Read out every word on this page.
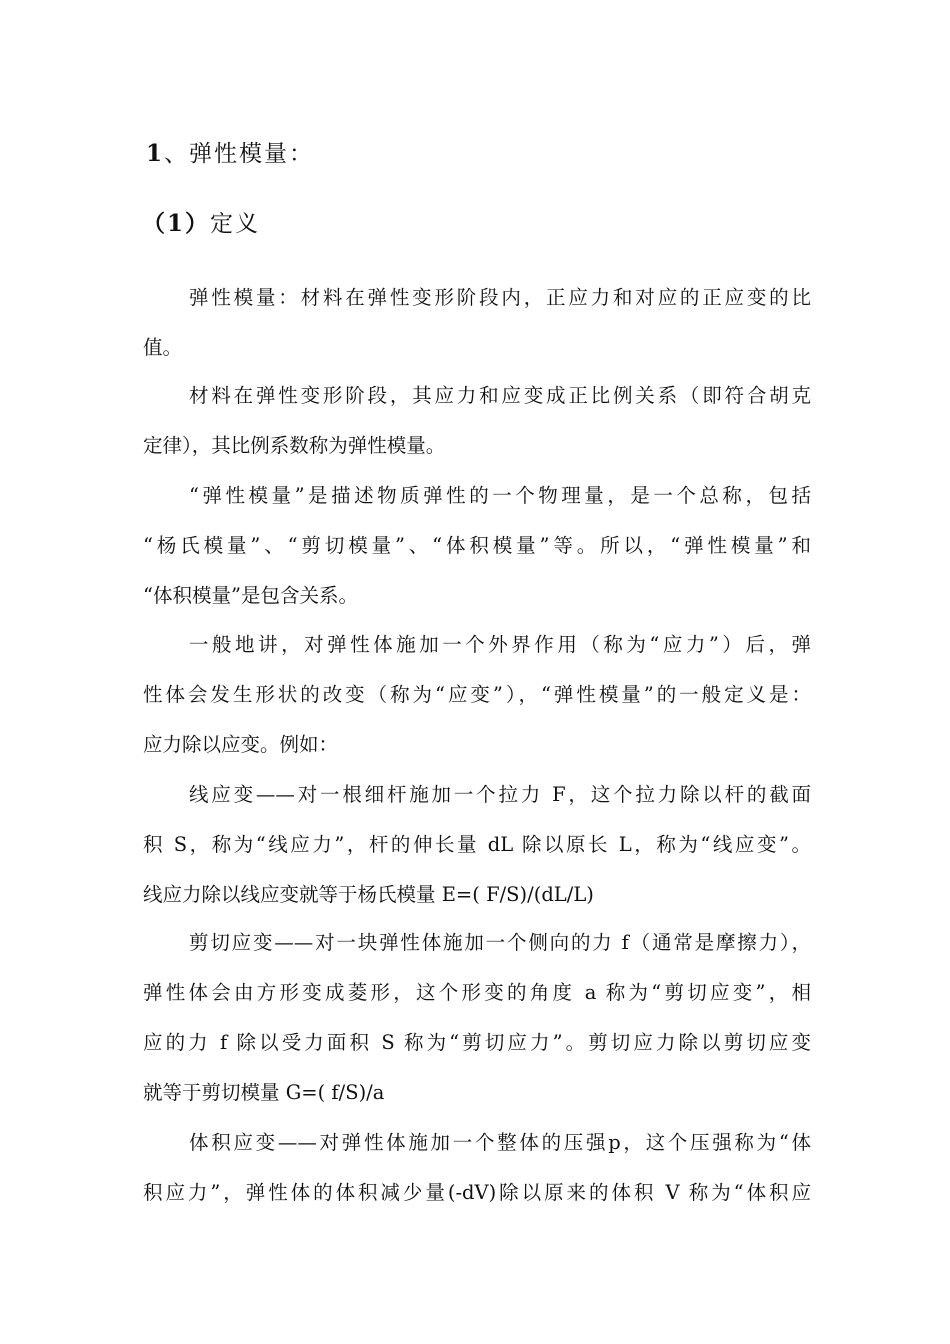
1、弹性模量：
（1）定义
弹性模量：材料在弹性变形阶段内，正应力和对应的正应变的比
值。
材料在弹性变形阶段，其应力和应变成正比例关系（即符合胡克
定律），其比例系数称为弹性模量。
“弹性模量”是描述物质弹性的一个物理量，是一个总称，包括
“杨氏模量”、“剪切模量”、“体积模量”等。所以，“弹性模量”和
“体积模量”是包含关系。
一般地讲，对弹性体施加一个外界作用（称为“应力”）后，弹
性体会发生形状的改变（称为“应变”），“弹性模量”的一般定义是：
应力除以应变。例如：
线应变——对一根细杆施加一个拉力 F，这个拉力除以杆的截面
积 S，称为“线应力”，杆的伸长量 dL 除以原长 L，称为“线应变”。
线应力除以线应变就等于杨氏模量 E=( F/S)/(dL/L)
剪切应变——对一块弹性体施加一个侧向的力 f（通常是摩擦力），
弹性体会由方形变成菱形，这个形变的角度 a 称为“剪切应变”，相
应的力 f 除以受力面积 S 称为“剪切应力”。剪切应力除以剪切应变
就等于剪切模量 G=( f/S)/a
体积应变——对弹性体施加一个整体的压强p，这个压强称为“体
积应力”，弹性体的体积减少量(-dV)除以原来的体积 V 称为“体积应
